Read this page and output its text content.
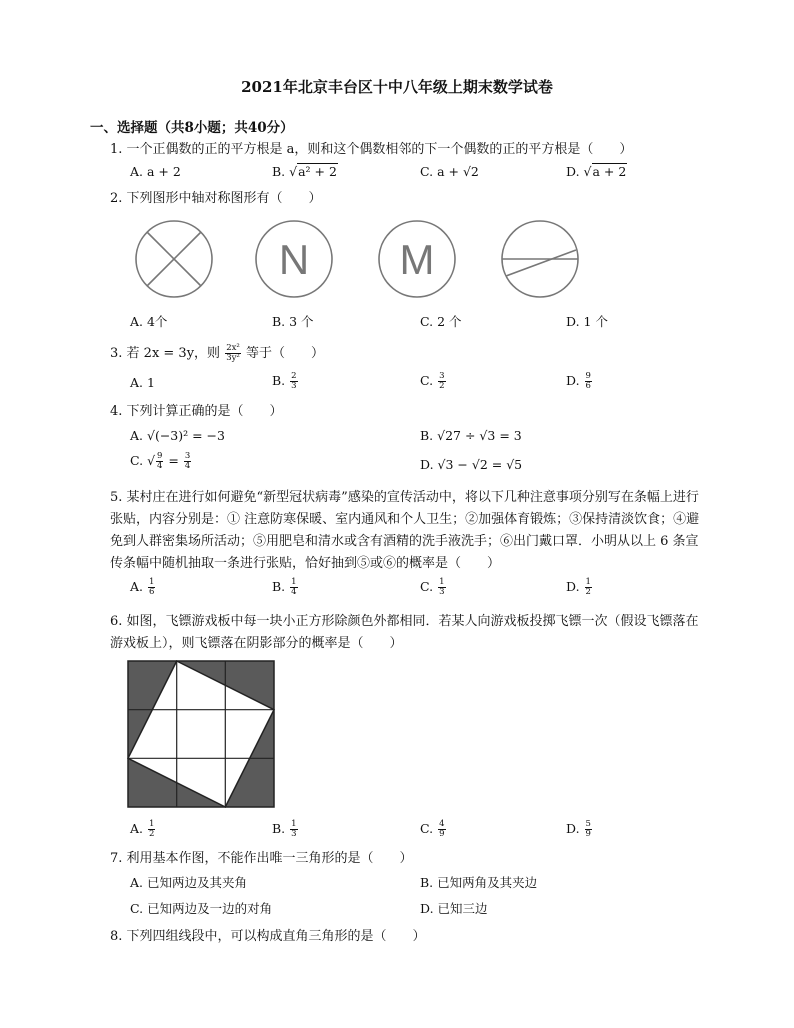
2021年北京丰台区十中八年级上期末数学试卷
一、选择题（共8小题；共40分）
1. 一个正偶数的正的平方根是 a，则和这个偶数相邻的下一个偶数的正的平方根是（　　）
A. a + 2	B. √a² + 2	C. a + √2	D. √a + 2
2. 下列图形中轴对称图形有（　　）
N M
A. 4个	B. 3 个	C. 2 个	D. 1 个
3. 若 2x = 3y，则 $\frac{\text{2x²}}{\text{3y²}}$ 等于（　　）
A. 1	B. $\frac{2}{3}$	C. $\frac{3}{2}$	D. $\frac{9}{6}$
4. 下列计算正确的是（　　）
A. √(−3)² = −3	B. √27 ÷ √3 = 3
C. √ $\frac{9}{4} = \frac{3}{4}$	D. √3 − √2 = √5
5. 某村庄在进行如何避免“新型冠状病毒”感染的宣传活动中，将以下几种注意事项分别写在条幅上进行张贴，内容分别是：① 注意防寒保暖、室内通风和个人卫生；②加强体育锻炼；③保持清淡饮食；④避免到人群密集场所活动；⑤用肥皂和清水或含有酒精的洗手液洗手；⑥出门戴口罩．小明从以上 6 条宣传条幅中随机抽取一条进行张贴，恰好抽到⑤或⑥的概率是（　　）
A. $\frac{1}{6}$	B. $\frac{1}{4}$	C. $\frac{1}{3}$	D. $\frac{1}{2}$
6. 如图，飞镖游戏板中每一块小正方形除颜色外都相同．若某人向游戏板投掷飞镖一次（假设飞镖落在游戏板上），则飞镖落在阴影部分的概率是（　　）
A. $\frac{1}{2}$	B. $\frac{1}{3}$	C. $\frac{4}{9}$	D. $\frac{5}{9}$
7. 利用基本作图，不能作出唯一三角形的是（　　）
A. 已知两边及其夹角	B. 已知两角及其夹边
C. 已知两边及一边的对角	D. 已知三边
8. 下列四组线段中，可以构成直角三角形的是（　　）
